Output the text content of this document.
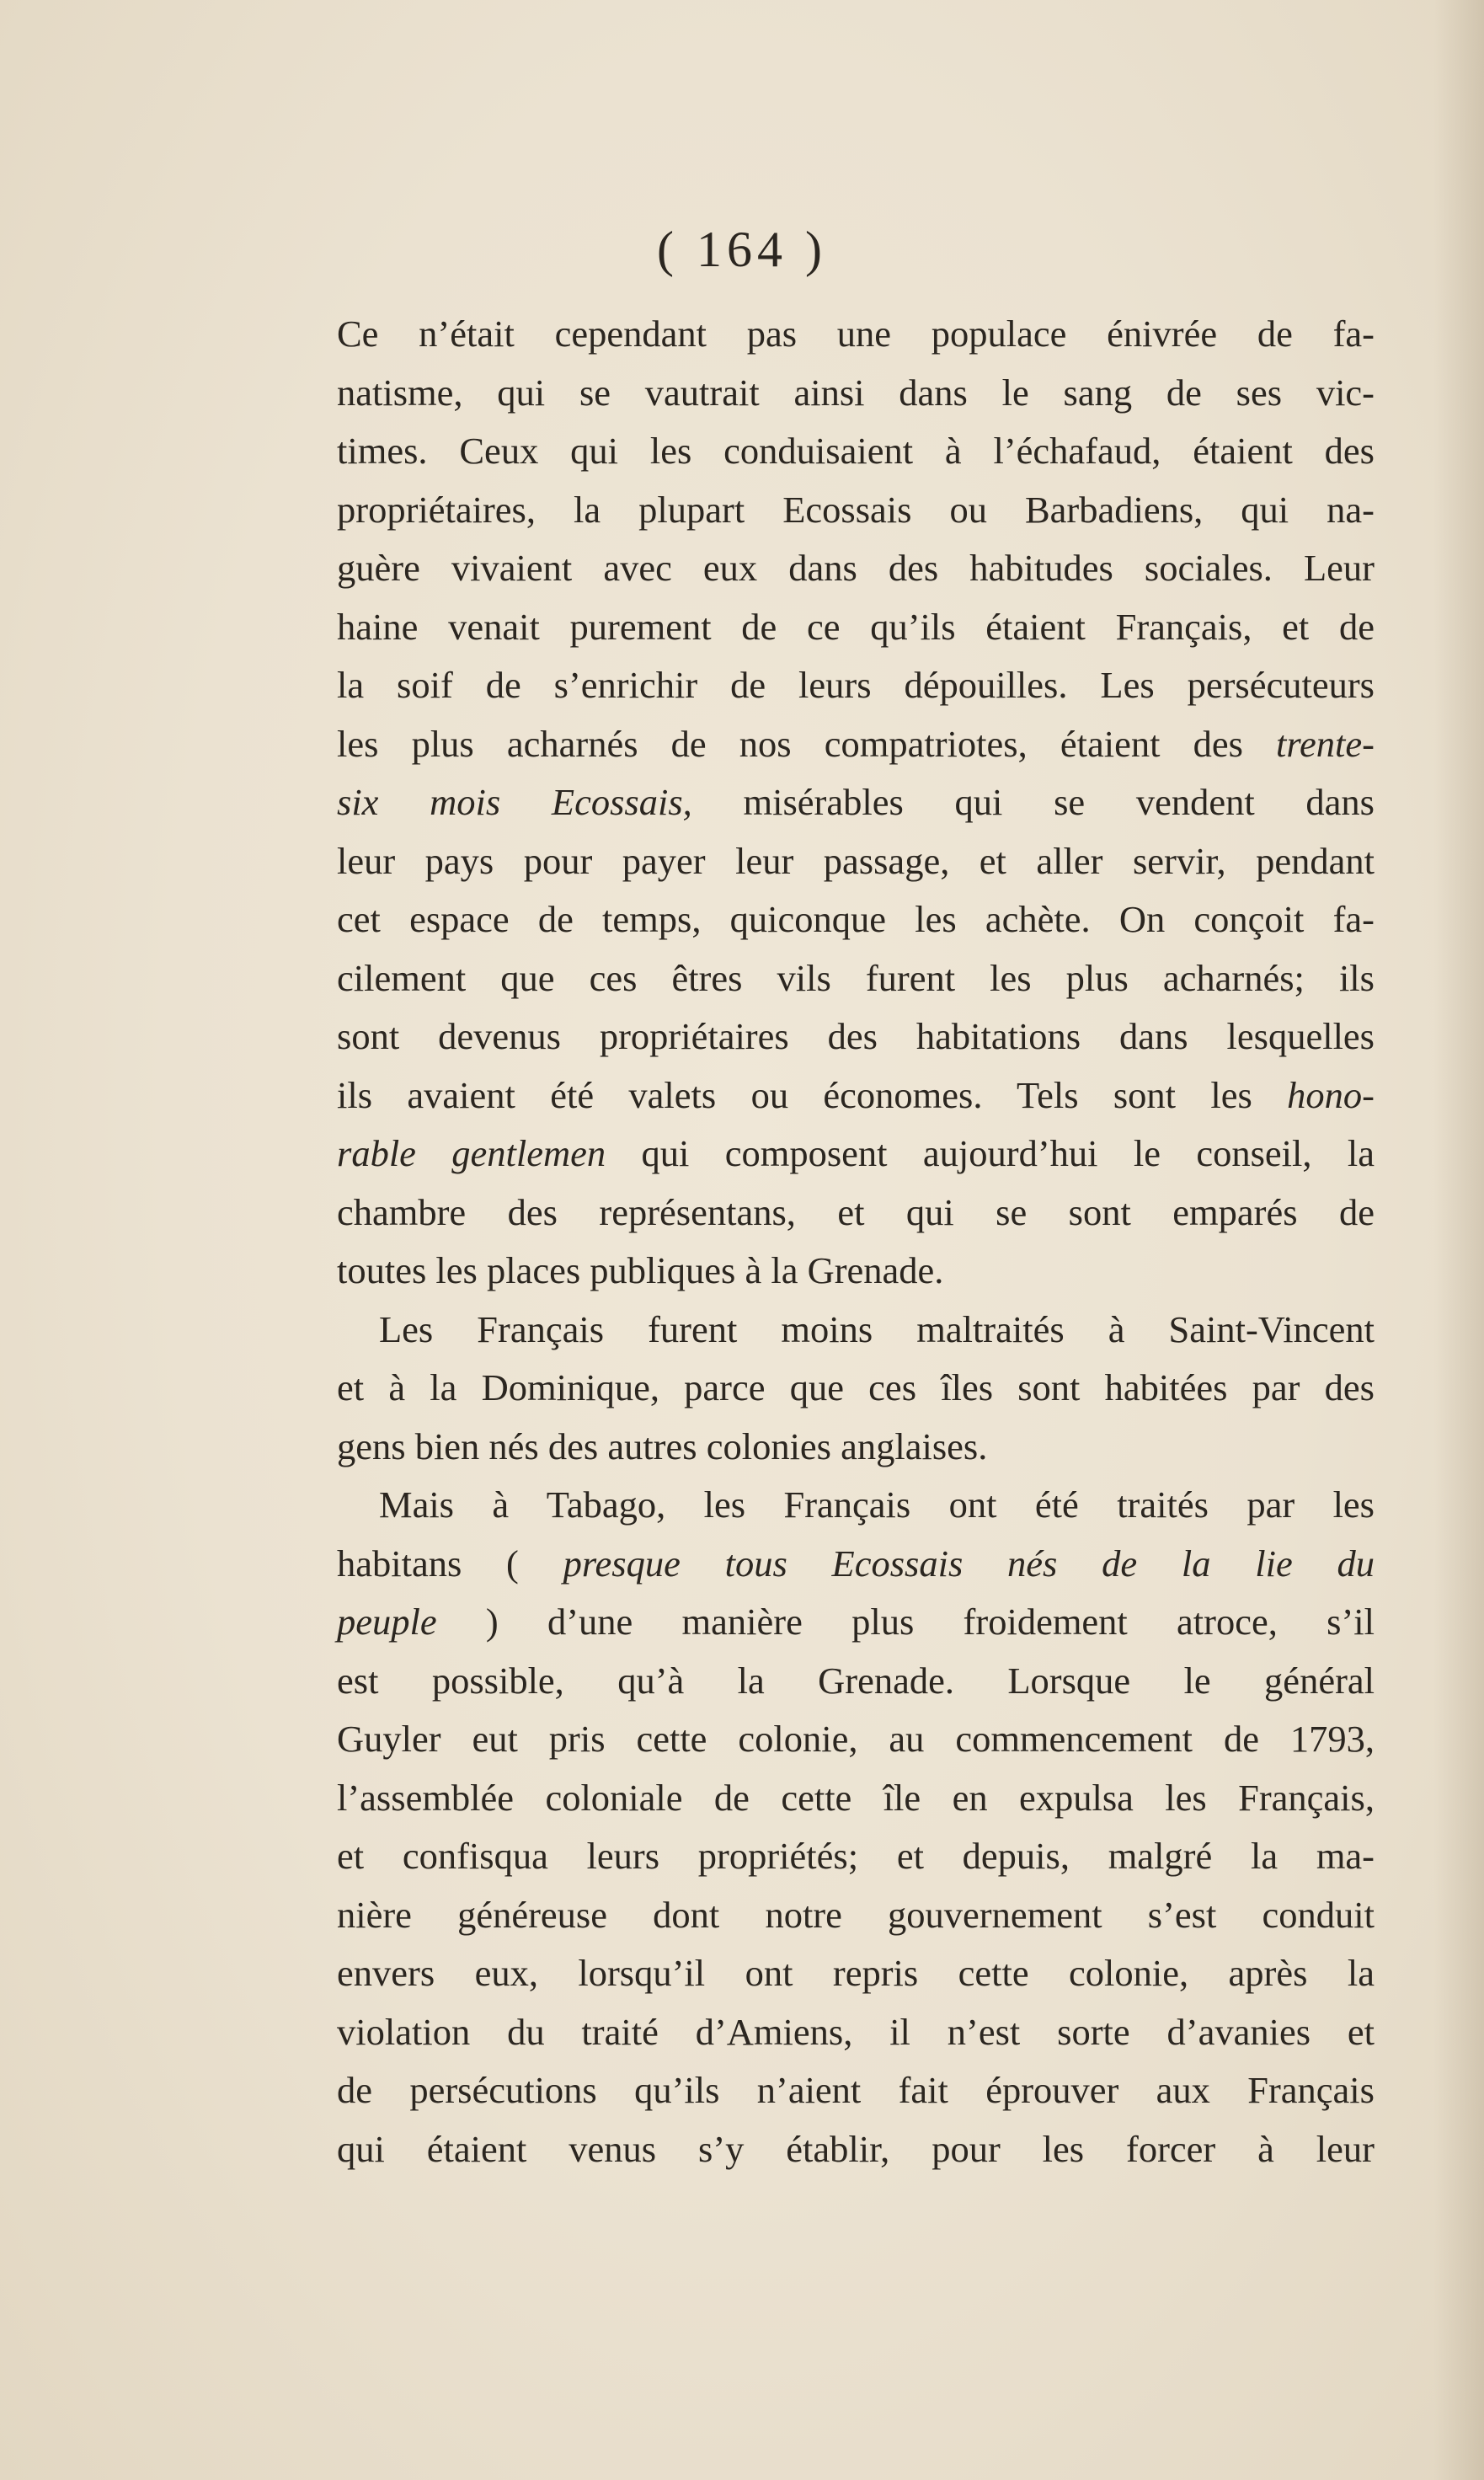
( 164 )
Ce n’était cependant pas une populace énivrée de fa-
natisme, qui se vautrait ainsi dans le sang de ses vic-
times. Ceux qui les conduisaient à l’échafaud, étaient des
propriétaires, la plupart Ecossais ou Barbadiens, qui na-
guère vivaient avec eux dans des habitudes sociales. Leur
haine venait purement de ce qu’ils étaient Français, et de
la soif de s’enrichir de leurs dépouilles. Les persécuteurs
les plus acharnés de nos compatriotes, étaient des trente-
six mois Ecossais, misérables qui se vendent dans
leur pays pour payer leur passage, et aller servir, pendant
cet espace de temps, quiconque les achète. On conçoit fa-
cilement que ces êtres vils furent les plus acharnés; ils
sont devenus propriétaires des habitations dans lesquelles
ils avaient été valets ou économes. Tels sont les hono-
rable gentlemen qui composent aujourd’hui le conseil, la
chambre des représentans, et qui se sont emparés de
toutes les places publiques à la Grenade.
Les Français furent moins maltraités à Saint-Vincent
et à la Dominique, parce que ces îles sont habitées par des
gens bien nés des autres colonies anglaises.
Mais à Tabago, les Français ont été traités par les
habitans ( presque tous Ecossais nés de la lie du
peuple ) d’une manière plus froidement atroce, s’il
est possible, qu’à la Grenade. Lorsque le général
Guyler eut pris cette colonie, au commencement de 1793,
l’assemblée coloniale de cette île en expulsa les Français,
et confisqua leurs propriétés; et depuis, malgré la ma-
nière généreuse dont notre gouvernement s’est conduit
envers eux, lorsqu’il ont repris cette colonie, après la
violation du traité d’Amiens, il n’est sorte d’avanies et
de persécutions qu’ils n’aient fait éprouver aux Français
qui étaient venus s’y établir, pour les forcer à leur
